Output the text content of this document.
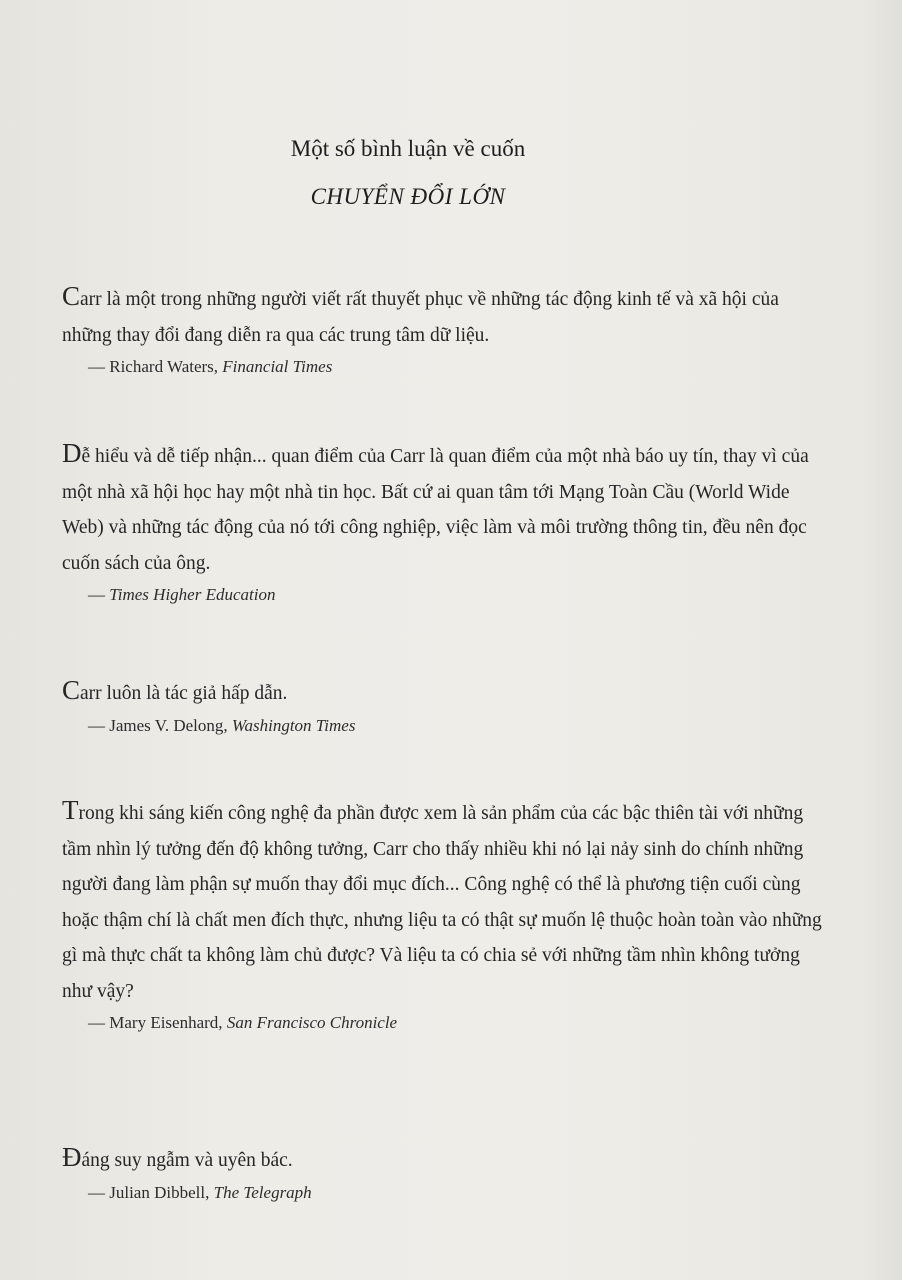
Một số bình luận về cuốn
CHUYỂN ĐỔI LỚN

Carr là một trong những người viết rất thuyết phục về những tác động kinh tế và xã hội của những thay đổi đang diễn ra qua các trung tâm dữ liệu.

— Richard Waters, Financial Times

Dễ hiểu và dễ tiếp nhận... quan điểm của Carr là quan điểm của một nhà báo uy tín, thay vì của một nhà xã hội học hay một nhà tin học. Bất cứ ai quan tâm tới Mạng Toàn Cầu (World Wide Web) và những tác động của nó tới công nghiệp, việc làm và môi trường thông tin, đều nên đọc cuốn sách của ông.

— Times Higher Education

Carr luôn là tác giả hấp dẫn.

— James V. Delong, Washington Times

Trong khi sáng kiến công nghệ đa phần được xem là sản phẩm của các bậc thiên tài với những tầm nhìn lý tưởng đến độ không tưởng, Carr cho thấy nhiều khi nó lại nảy sinh do chính những người đang làm phận sự muốn thay đổi mục đích... Công nghệ có thể là phương tiện cuối cùng hoặc thậm chí là chất men đích thực, nhưng liệu ta có thật sự muốn lệ thuộc hoàn toàn vào những gì mà thực chất ta không làm chủ được? Và liệu ta có chia sẻ với những tầm nhìn không tưởng như vậy?

— Mary Eisenhard, San Francisco Chronicle

Đáng suy ngẫm và uyên bác.

— Julian Dibbell, The Telegraph
